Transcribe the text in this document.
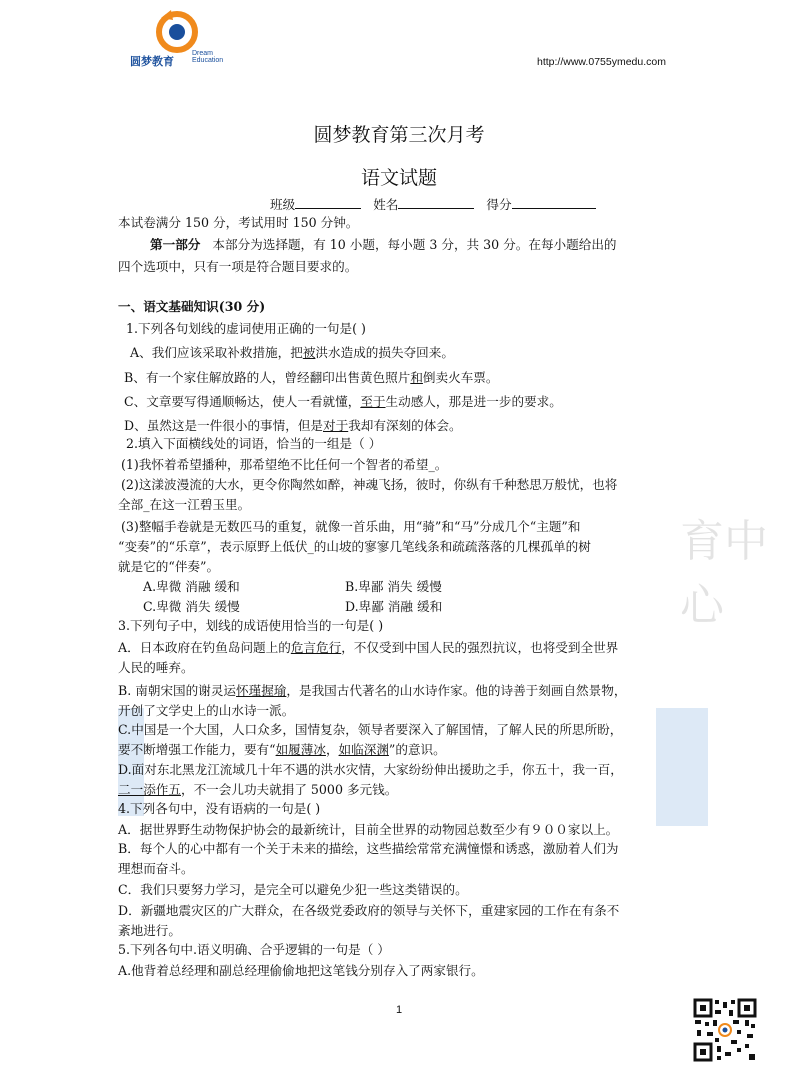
育中心
圆梦教育
Dream
Education	http://www.0755ymedu.com
圆梦教育第三次月考
语文试题
班级	姓名	得分
本试卷满分 150 分，考试用时 150 分钟。
第一部分 本部分为选择题，有 10 小题，每小题 3 分，共 30 分。在每小题给出的
四个选项中，只有一项是符合题目要求的。
一、语文基础知识(30 分)
1.下列各句划线的虚词使用正确的一句是( )
A、我们应该采取补救措施，把被洪水造成的损失夺回来。
B、有一个家住解放路的人，曾经翻印出售黄色照片和倒卖火车票。
C、文章要写得通顺畅达，使人一看就懂，至于生动感人，那是进一步的要求。
D、虽然这是一件很小的事情，但是对于我却有深刻的体会。
2.填入下面横线处的词语，恰当的一组是（ ）
(1)我怀着希望播种，那希望绝不比任何一个智者的希望_。
(2)这漾波漫流的大水，更令你陶然如醉，神魂飞扬，彼时，你纵有千种愁思万般忧，也将
全部_在这一江碧玉里。
(3)整幅手卷就是无数匹马的重复，就像一首乐曲，用“骑”和“马”分成几个“主题”和
“变奏”的“乐章”，表示原野上低伏_的山坡的寥寥几笔线条和疏疏落落的几棵孤单的树
就是它的“伴奏”。
A.卑微 消融 缓和	B.卑鄙 消失 缓慢
C.卑微 消失 缓慢	D.卑鄙 消融 缓和
3.下列句子中，划线的成语使用恰当的一句是( )
A．日本政府在钓鱼岛问题上的危言危行，不仅受到中国人民的强烈抗议，也将受到全世界
人民的唾弃。
B. 南朝宋国的谢灵运怀瑾握瑜，是我国古代著名的山水诗作家。他的诗善于刻画自然景物，
开创了文学史上的山水诗一派。
C.中国是一个大国，人口众多，国情复杂，领导者要深入了解国情，了解人民的所思所盼，
要不断增强工作能力，要有“如履薄冰，如临深渊”的意识。
D.面对东北黑龙江流域几十年不遇的洪水灾情，大家纷纷伸出援助之手，你五十，我一百，
二一添作五，不一会儿功夫就捐了 5000 多元钱。
4.下列各句中，没有语病的一句是( )
A．据世界野生动物保护协会的最新统计，目前全世界的动物园总数至少有９００家以上。
B．每个人的心中都有一个关于未来的描绘，这些描绘常常充满憧憬和诱惑，激励着人们为
理想而奋斗。
C．我们只要努力学习，是完全可以避免少犯一些这类错误的。
D．新疆地震灾区的广大群众，在各级党委政府的领导与关怀下，重建家园的工作在有条不
紊地进行。
5.下列各句中.语义明确、合乎逻辑的一句是（ ）
A.他背着总经理和副总经理偷偷地把这笔钱分别存入了两家银行。
1
